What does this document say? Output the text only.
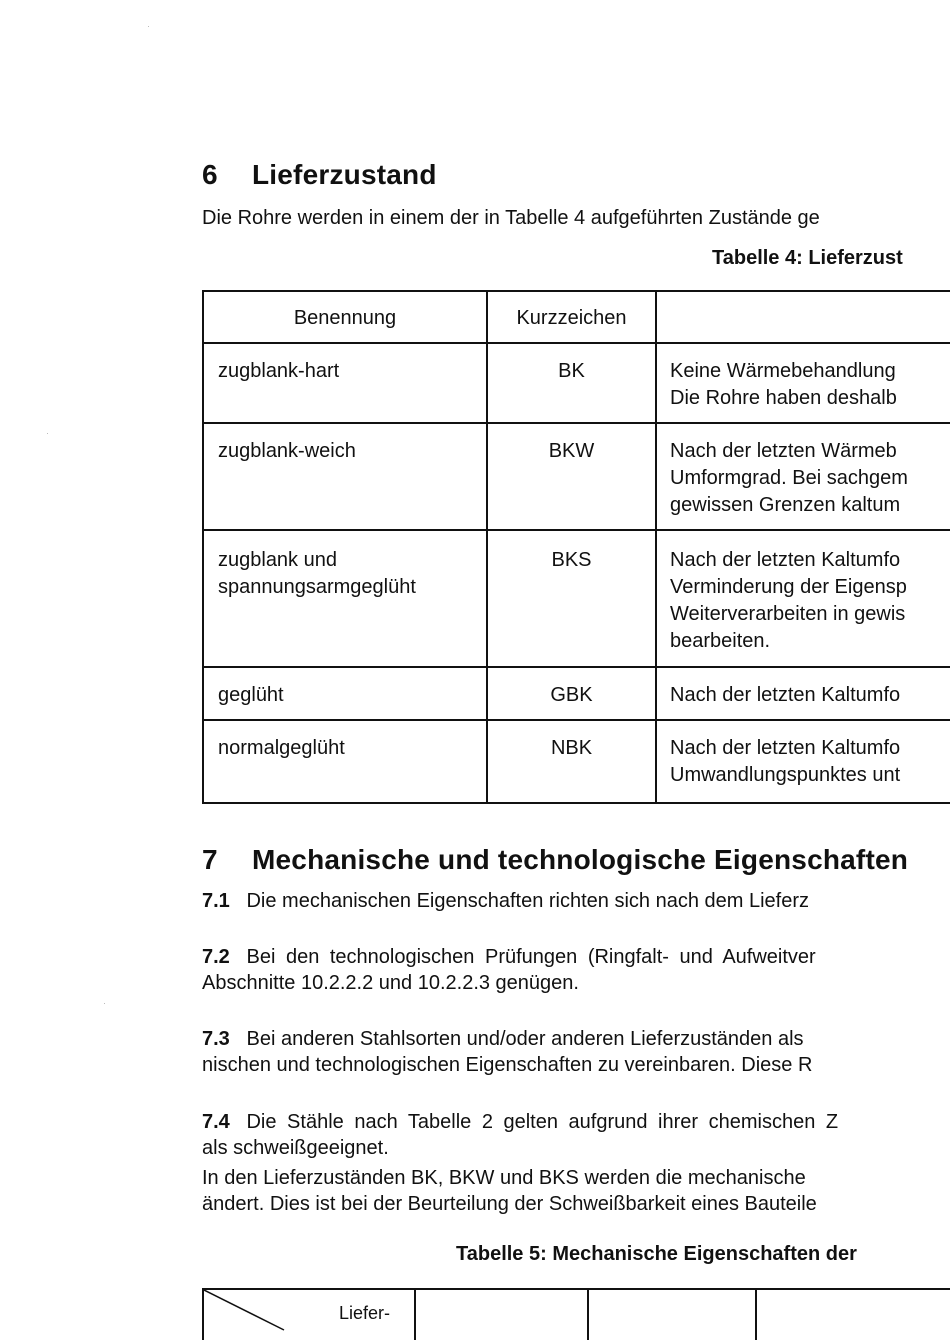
6 Lieferzustand
Die Rohre werden in einem der in Tabelle 4 aufgeführten Zustände ge
Tabelle 4: Lieferzust
Benennung	Kurzzeichen
zugblank-hart	BK	Keine Wärmebehandlung
Die Rohre haben deshalb
zugblank-weich	BKW	Nach der letzten Wärmeb
Umformgrad. Bei sachgem
gewissen Grenzen kaltum
zugblank und
spannungsarmgeglüht
BKS	Nach der letzten Kaltumfo
Verminderung der Eigensp
Weiterverarbeiten in gewis
bearbeiten.
geglüht	GBK	Nach der letzten Kaltumfo
normalgeglüht	NBK	Nach der letzten Kaltumfo
Umwandlungspunktes unt
7 Mechanische und technologische Eigenschaften
7.1 Die mechanischen Eigenschaften richten sich nach dem Lieferz
7.2 Bei den technologischen Prüfungen (Ringfalt- und Aufweitver
Abschnitte 10.2.2.2 und 10.2.2.3 genügen.
7.3 Bei anderen Stahlsorten und/oder anderen Lieferzuständen als
nischen und technologischen Eigenschaften zu vereinbaren. Diese R
7.4 Die Stähle nach Tabelle 2 gelten aufgrund ihrer chemischen Z
als schweißgeeignet.
In den Lieferzuständen BK, BKW und BKS werden die mechanische
ändert. Dies ist bei der Beurteilung der Schweißbarkeit eines Bauteile
Tabelle 5: Mechanische Eigenschaften der
Liefer-
